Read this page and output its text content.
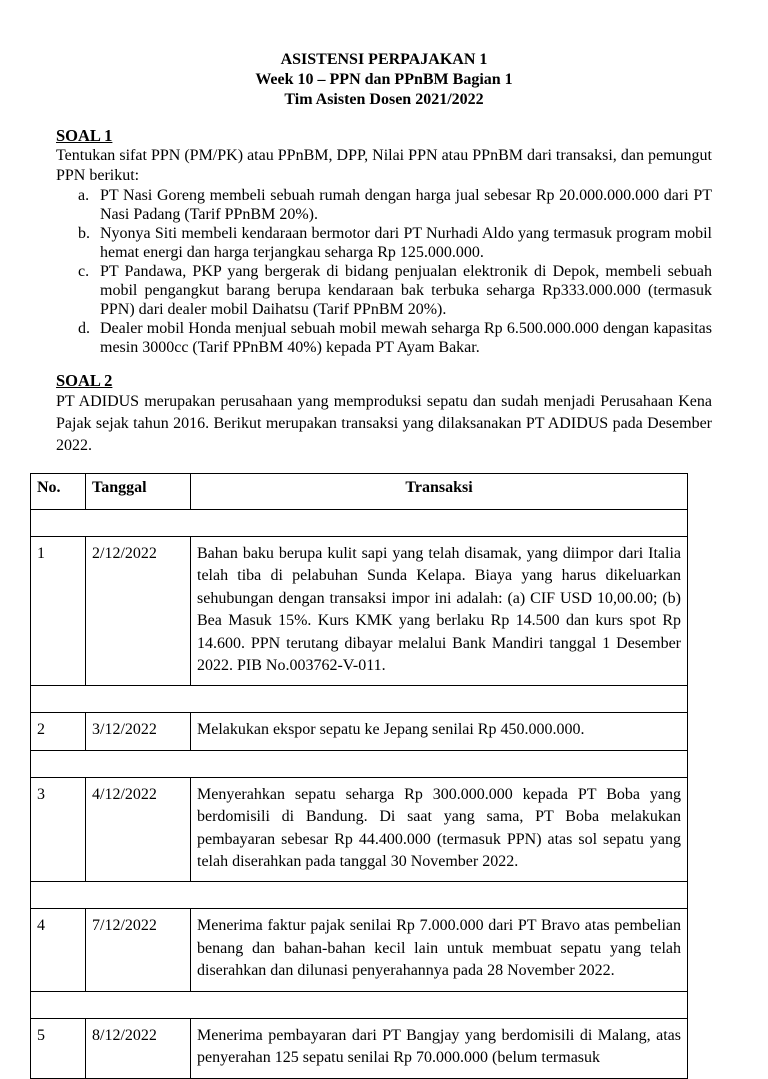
ASISTENSI PERPAJAKAN 1
Week 10 – PPN dan PPnBM Bagian 1
Tim Asisten Dosen 2021/2022
SOAL 1
Tentukan sifat PPN (PM/PK) atau PPnBM, DPP, Nilai PPN atau PPnBM dari transaksi, dan pemungut PPN berikut:
a. PT Nasi Goreng membeli sebuah rumah dengan harga jual sebesar Rp 20.000.000.000 dari PT Nasi Padang (Tarif PPnBM 20%).
b. Nyonya Siti membeli kendaraan bermotor dari PT Nurhadi Aldo yang termasuk program mobil hemat energi dan harga terjangkau seharga Rp 125.000.000.
c. PT Pandawa, PKP yang bergerak di bidang penjualan elektronik di Depok, membeli sebuah mobil pengangkut barang berupa kendaraan bak terbuka seharga Rp333.000.000 (termasuk PPN) dari dealer mobil Daihatsu (Tarif PPnBM 20%).
d. Dealer mobil Honda menjual sebuah mobil mewah seharga Rp 6.500.000.000 dengan kapasitas mesin 3000cc (Tarif PPnBM 40%) kepada PT Ayam Bakar.
SOAL 2
PT ADIDUS merupakan perusahaan yang memproduksi sepatu dan sudah menjadi Perusahaan Kena Pajak sejak tahun 2016. Berikut merupakan transaksi yang dilaksanakan PT ADIDUS pada Desember 2022.
No.	Tanggal	Transaksi

1	2/12/2022	Bahan baku berupa kulit sapi yang telah disamak, yang diimpor dari Italia telah tiba di pelabuhan Sunda Kelapa. Biaya yang harus dikeluarkan sehubungan dengan transaksi impor ini adalah: (a) CIF USD 10,00.00; (b) Bea Masuk 15%. Kurs KMK yang berlaku Rp 14.500 dan kurs spot Rp 14.600. PPN terutang dibayar melalui Bank Mandiri tanggal 1 Desember 2022. PIB No.003762-V-011.

2	3/12/2022	Melakukan ekspor sepatu ke Jepang senilai Rp 450.000.000.

3	4/12/2022	Menyerahkan sepatu seharga Rp 300.000.000 kepada PT Boba yang berdomisili di Bandung. Di saat yang sama, PT Boba melakukan pembayaran sebesar Rp 44.400.000 (termasuk PPN) atas sol sepatu yang telah diserahkan pada tanggal 30 November 2022.

4	7/12/2022	Menerima faktur pajak senilai Rp 7.000.000 dari PT Bravo atas pembelian benang dan bahan-bahan kecil lain untuk membuat sepatu yang telah diserahkan dan dilunasi penyerahannya pada 28 November 2022.

5	8/12/2022	Menerima pembayaran dari PT Bangjay yang berdomisili di Malang, atas penyerahan 125 sepatu senilai Rp 70.000.000 (belum termasuk
